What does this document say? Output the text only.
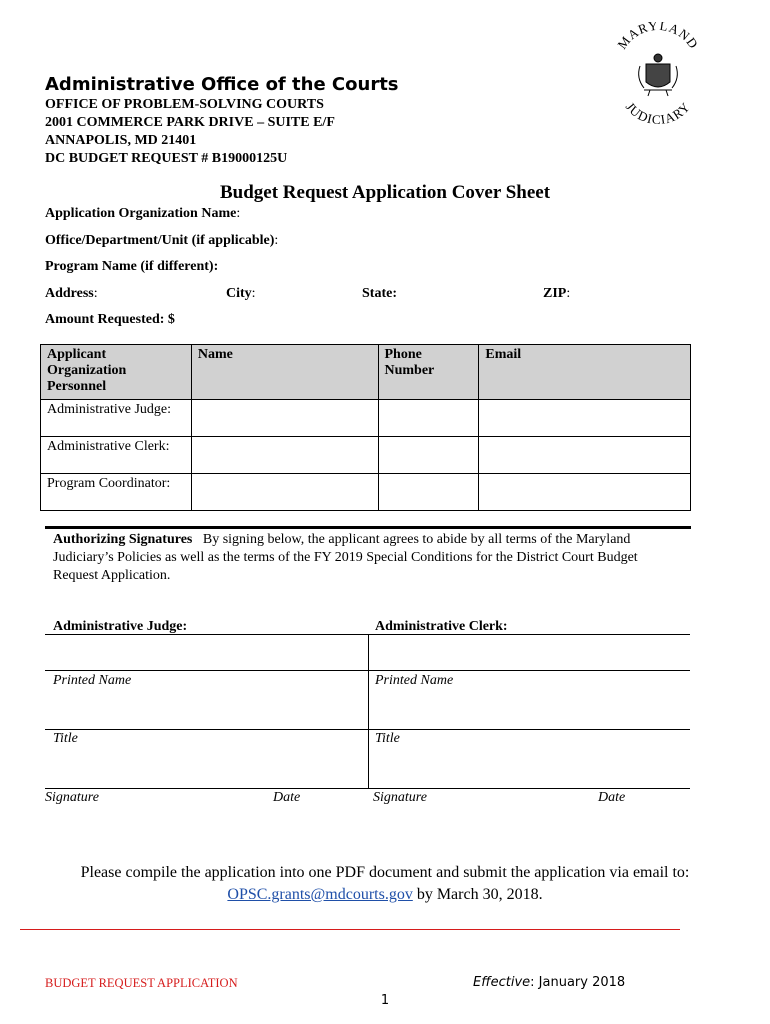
Administrative Office of the Courts
OFFICE OF PROBLEM-SOLVING COURTS
2001 COMMERCE PARK DRIVE – SUITE E/F
ANNAPOLIS, MD 21401
DC BUDGET REQUEST # B19000125U
MARYLAND
JUDICIARY
Budget Request Application Cover Sheet
Application Organization Name:
Office/Department/Unit (if applicable):
Program Name (if different):
Address:	City:	State:	ZIP:
Amount Requested: $
Applicant Organization Personnel	Name	Phone Number	Email
Administrative Judge:			
Administrative Clerk:			
Program Coordinator:			
Authorizing Signatures By signing below, the applicant agrees to abide by all terms of the Maryland Judiciary’s Policies as well as the terms of the FY 2019 Special Conditions for the District Court Budget Request Application.
Administrative Judge:	Administrative Clerk:
Printed Name	Printed Name
Title	Title
Signature	Date	Signature	Date
Please compile the application into one PDF document and submit the application via email to:
OPSC.grants@mdcourts.gov by March 30, 2018.
BUDGET REQUEST APPLICATION	Effective: January 2018
1
